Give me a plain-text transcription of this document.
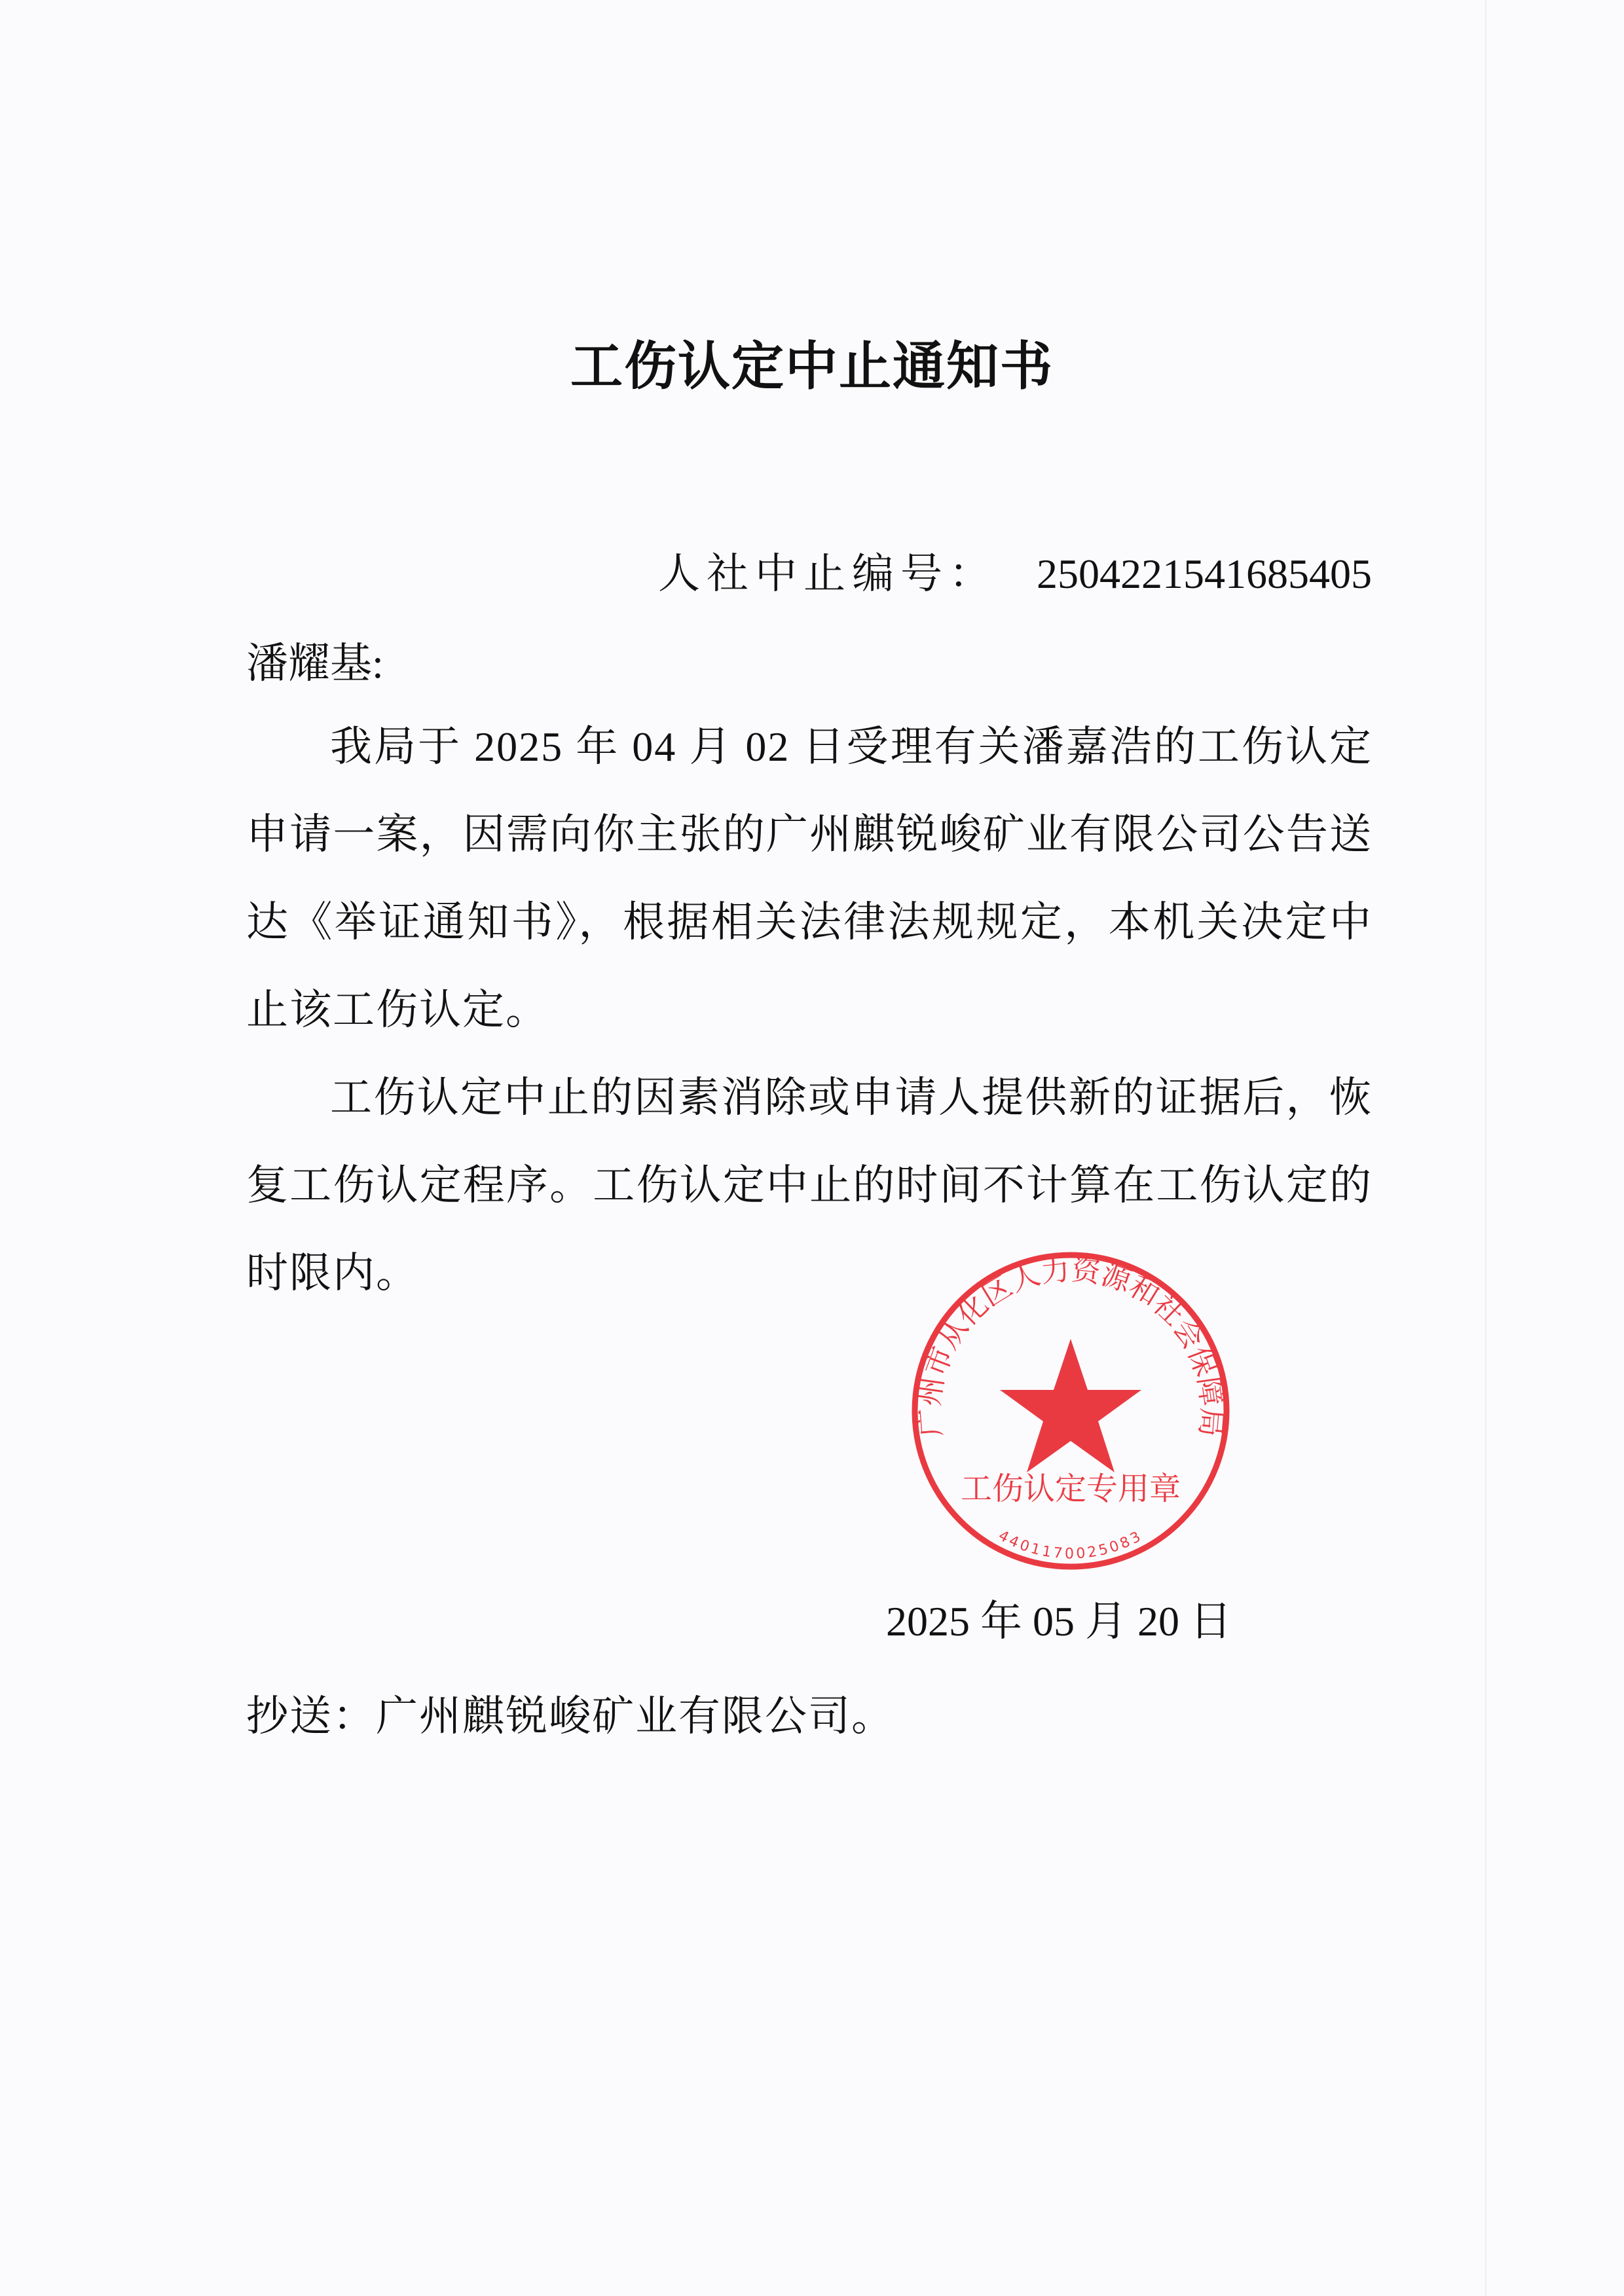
工伤认定中止通知书
人社中止编号： 2504221541685405
潘耀基:

我局于 2025 年 04 月 02 日受理有关潘嘉浩的工伤认定申请一案，因需向你主张的广州麒锐峻矿业有限公司公告送达《举证通知书》，根据相关法律法规规定，本机关决定中止该工伤认定。

工伤认定中止的因素消除或申请人提供新的证据后，恢复工伤认定程序。工伤认定中止的时间不计算在工伤认定的时限内。

广州市从化区人力资源和社会保障局
工伤认定专用章
4401170025083
2025 年 05 月 20 日
抄送：广州麒锐峻矿业有限公司。
